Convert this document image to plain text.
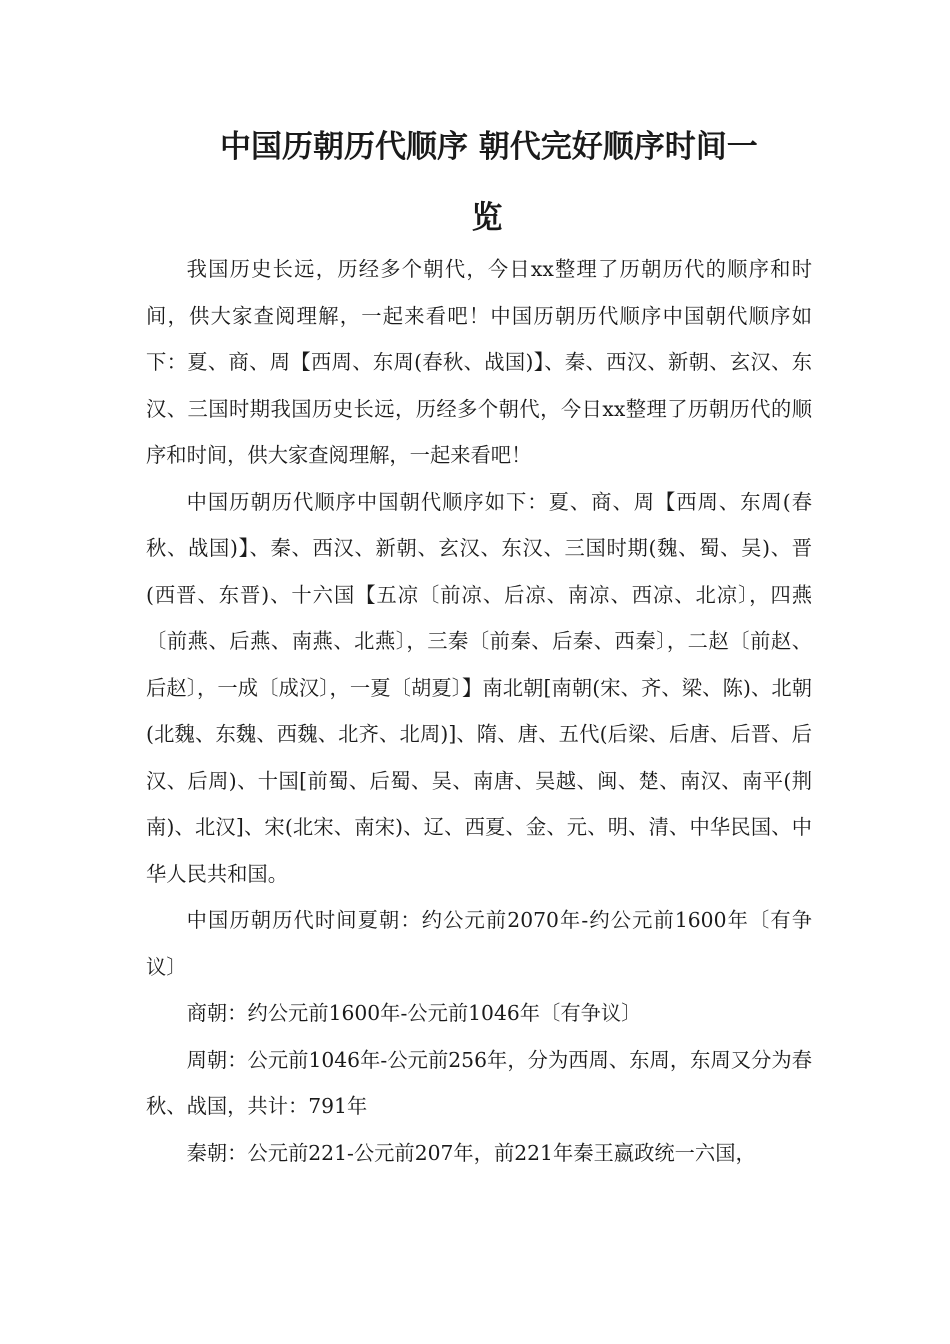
中国历朝历代顺序 朝代完好顺序时间一
览

我国历史长远，历经多个朝代，今日xx整理了历朝历代的顺序和时间，供大家查阅理解，一起来看吧！中国历朝历代顺序中国朝代顺序如下：夏、商、周【西周、东周(春秋、战国)】、秦、西汉、新朝、玄汉、东汉、三国时期我国历史长远，历经多个朝代，今日xx整理了历朝历代的顺序和时间，供大家查阅理解，一起来看吧！

中国历朝历代顺序中国朝代顺序如下：夏、商、周【西周、东周(春秋、战国)】、秦、西汉、新朝、玄汉、东汉、三国时期(魏、蜀、吴)、晋(西晋、东晋)、十六国【五凉〔前凉、后凉、南凉、西凉、北凉〕，四燕〔前燕、后燕、南燕、北燕〕，三秦〔前秦、后秦、西秦〕，二赵〔前赵、后赵〕，一成〔成汉〕，一夏〔胡夏〕】南北朝[南朝(宋、齐、梁、陈)、北朝(北魏、东魏、西魏、北齐、北周)]、隋、唐、五代(后梁、后唐、后晋、后汉、后周)、十国[前蜀、后蜀、吴、南唐、吴越、闽、楚、南汉、南平(荆南)、北汉]、宋(北宋、南宋)、辽、西夏、金、元、明、清、中华民国、中华人民共和国。

中国历朝历代时间夏朝：约公元前2070年-约公元前1600年〔有争议〕

商朝：约公元前1600年-公元前1046年〔有争议〕

周朝：公元前1046年-公元前256年，分为西周、东周，东周又分为春秋、战国，共计：791年

秦朝：公元前221-公元前207年，前221年秦王嬴政统一六国，
